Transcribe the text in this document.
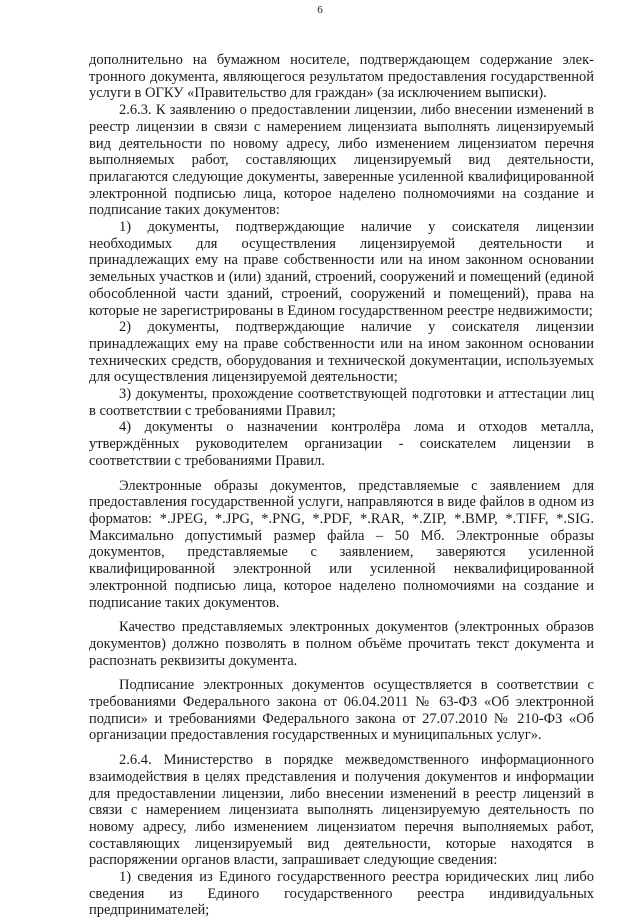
6

дополнительно на бумажном носителе, подтверждающем содержание электронного документа, являющегося результатом предоставления государственной услуги в ОГКУ «Правительство для граждан» (за исключением выписки).

2.6.3. К заявлению о предоставлении лицензии, либо внесении изменений в реестр лицензии в связи с намерением лицензиата выполнять лицензируемый вид деятельности по новому адресу, либо изменением лицензиатом перечня выполняемых работ, составляющих лицензируемый вид деятельности, прилагаются следующие документы, заверенные усиленной квалифицированной электронной подписью лица, которое наделено полномочиями на создание и подписание таких документов:

1) документы, подтверждающие наличие у соискателя лицензии необходимых для осуществления лицензируемой деятельности и принадлежащих ему на праве собственности или на ином законном основании земельных участков и (или) зданий, строений, сооружений и помещений (единой обособленной части зданий, строений, сооружений и помещений), права на которые не зарегистрированы в Едином государственном реестре недвижимости;

2) документы, подтверждающие наличие у соискателя лицензии принадлежащих ему на праве собственности или на ином законном основании технических средств, оборудования и технической документации, используемых для осуществления лицензируемой деятельности;

3) документы, прохождение соответствующей подготовки и аттестации лиц в соответствии с требованиями Правил;

4) документы о назначении контролёра лома и отходов металла, утверждённых руководителем организации - соискателем лицензии в соответствии с требованиями Правил.

Электронные образы документов, представляемые с заявлением для предоставления государственной услуги, направляются в виде файлов в одном из форматов: *.JPEG, *.JPG, *.PNG, *.PDF, *.RAR, *.ZIP, *.BMP, *.TIFF, *.SIG. Максимально допустимый размер файла – 50 Мб. Электронные образы документов, представляемые с заявлением, заверяются усиленной квалифицированной электронной или усиленной неквалифицированной электронной подписью лица, которое наделено полномочиями на создание и подписание таких документов.

Качество представляемых электронных документов (электронных образов документов) должно позволять в полном объёме прочитать текст документа и распознать реквизиты документа.

Подписание электронных документов осуществляется в соответствии с требованиями Федерального закона от 06.04.2011 № 63-ФЗ «Об электронной подписи» и требованиями Федерального закона от 27.07.2010 № 210-ФЗ «Об организации предоставления государственных и муниципальных услуг».

2.6.4. Министерство в порядке межведомственного информационного взаимодействия в целях представления и получения документов и информации для предоставлении лицензии, либо внесении изменений в реестр лицензий в связи с намерением лицензиата выполнять лицензируемую деятельность по новому адресу, либо изменением лицензиатом перечня выполняемых работ, составляющих лицензируемый вид деятельности, которые находятся в распоряжении органов власти, запрашивает следующие сведения:

1) сведения из Единого государственного реестра юридических лиц либо сведения из Единого государственного реестра индивидуальных предпринимателей;
